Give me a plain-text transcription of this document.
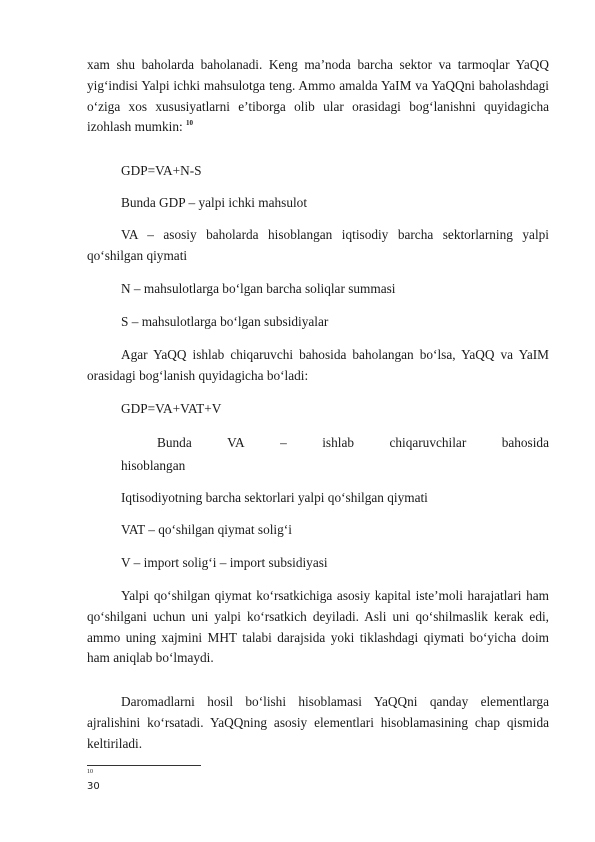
xam shu baholarda baholanadi. Keng ma’noda barcha sektor va tarmoqlar YaQQ yig‘indisi Yalpi ichki mahsulotga teng. Ammo amalda YaIM va YaQQni baholashdagi o‘ziga xos xususiyatlarni e’tiborga olib ular orasidagi bog‘lanishni quyidagicha izohlash mumkin: $^{10}$

GDP=VA+N-S

Bunda GDP – yalpi ichki mahsulot

VA – asosiy baholarda hisoblangan iqtisodiy barcha sektorlarning yalpi qo‘shilgan qiymati

N – mahsulotlarga bo‘lgan barcha soliqlar summasi

S – mahsulotlarga bo‘lgan subsidiyalar

Agar YaQQ ishlab chiqaruvchi bahosida baholangan bo‘lsa, YaQQ va YaIM orasidagi bog‘lanish quyidagicha bo‘ladi:

GDP=VA+VAT+V

Bunda	VA	–	ishlab	chiqaruvchilar	bahosida

hisoblangan

Iqtisodiyotning barcha sektorlari yalpi qo‘shilgan qiymati

VAT – qo‘shilgan qiymat solig‘i

V – import solig‘i – import subsidiyasi

Yalpi qo‘shilgan qiymat ko‘rsatkichiga asosiy kapital iste’moli harajatlari ham qo‘shilgani uchun uni yalpi ko‘rsatkich deyiladi. Asli uni qo‘shilmaslik kerak edi, ammo uning xajmini MHT talabi darajsida yoki tiklashdagi qiymati bo‘yicha doim ham aniqlab bo‘lmaydi.

Daromadlarni hosil bo‘lishi hisoblamasi YaQQni qanday elementlarga ajralishini ko‘rsatadi. YaQQning asosiy elementlari hisoblamasining chap qismida keltiriladi.

10
30
